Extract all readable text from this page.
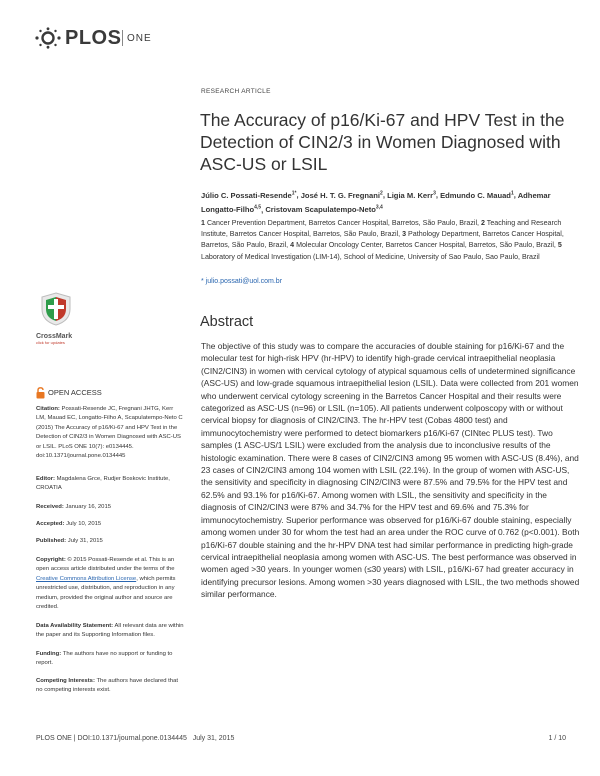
PLOS ONE
RESEARCH ARTICLE
The Accuracy of p16/Ki-67 and HPV Test in the Detection of CIN2/3 in Women Diagnosed with ASC-US or LSIL
Júlio C. Possati-Resende$^{1*}$, José H. T. G. Fregnani$^2$, Ligia M. Kerr$^3$, Edmundo C. Mauad$^1$, Adhemar Longatto-Filho$^{4,5}$, Cristovam Scapulatempo-Neto$^{3,4}$
1 Cancer Prevention Department, Barretos Cancer Hospital, Barretos, São Paulo, Brazil, 2 Teaching and Research Institute, Barretos Cancer Hospital, Barretos, São Paulo, Brazil, 3 Pathology Department, Barretos Cancer Hospital, Barretos, São Paulo, Brazil, 4 Molecular Oncology Center, Barretos Cancer Hospital, Barretos, São Paulo, Brazil, 5 Laboratory of Medical Investigation (LIM-14), School of Medicine, University of Sao Paulo, Sao Paulo, Brazil
* julio.possati@uol.com.br
Abstract
The objective of this study was to compare the accuracies of double staining for p16/Ki-67 and the molecular test for high-risk HPV (hr-HPV) to identify high-grade cervical intraepithelial neoplasia (CIN2/CIN3) in women with cervical cytology of atypical squamous cells of undetermined significance (ASC-US) and low-grade squamous intraepithelial lesion (LSIL). Data were collected from 201 women who underwent cervical cytology screening in the Barretos Cancer Hospital and their results were categorized as ASC-US (n=96) or LSIL (n=105). All patients underwent colposcopy with or without cervical biopsy for diagnosis of CIN2/CIN3. The hr-HPV test (Cobas 4800 test) and immunocytochemistry were performed to detect biomarkers p16/Ki-67 (CINtec PLUS test). Two samples (1 ASC-US/1 LSIL) were excluded from the analysis due to inconclusive results of the histologic examination. There were 8 cases of CIN2/CIN3 among 95 women with ASC-US (8.4%), and 23 cases of CIN2/CIN3 among 104 women with LSIL (22.1%). In the group of women with ASC-US, the sensitivity and specificity in diagnosing CIN2/CIN3 were 87.5% and 79.5% for the HPV test and 62.5% and 93.1% for p16/Ki-67. Among women with LSIL, the sensitivity and specificity in the diagnosis of CIN2/CIN3 were 87% and 34.7% for the HPV test and 69.6% and 75.3% for immunocytochemistry. Superior performance was observed for p16/Ki-67 double staining, especially among women under 30 for whom the test had an area under the ROC curve of 0.762 (p<0.001). Both p16/Ki-67 double staining and the hr-HPV DNA test had similar performance in predicting high-grade cervical intraepithelial neoplasia among women with ASC-US. The best performance was observed in women aged >30 years. In younger women (≤30 years) with LSIL, p16/Ki-67 had greater accuracy in identifying precursor lesions. Among women >30 years diagnosed with LSIL, the two methods showed similar performance.
CrossMark
click for updates
OPEN ACCESS
Citation: Possati-Resende JC, Fregnani JHTG, Kerr LM, Mauad EC, Longatto-Filho A, Scapulatempo-Neto C (2015) The Accuracy of p16/Ki-67 and HPV Test in the Detection of CIN2/3 in Women Diagnosed with ASC-US or LSIL. PLoS ONE 10(7): e0134445. doi:10.1371/journal.pone.0134445
Editor: Magdalena Grce, Rudjer Boskovic Institute, CROATIA
Received: January 16, 2015
Accepted: July 10, 2015
Published: July 31, 2015
Copyright: © 2015 Possati-Resende et al. This is an open access article distributed under the terms of the Creative Commons Attribution License, which permits unrestricted use, distribution, and reproduction in any medium, provided the original author and source are credited.
Data Availability Statement: All relevant data are within the paper and its Supporting Information files.
Funding: The authors have no support or funding to report.
Competing Interests: The authors have declared that no competing interests exist.
PLOS ONE | DOI:10.1371/journal.pone.0134445 July 31, 2015	1 / 10
